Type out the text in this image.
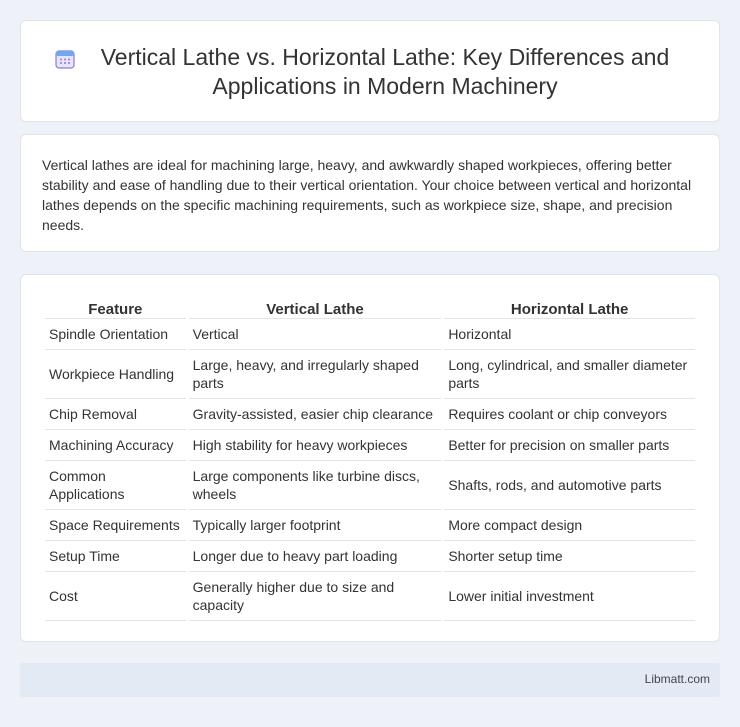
Vertical Lathe vs. Horizontal Lathe: Key Differences and Applications in Modern Machinery

Vertical lathes are ideal for machining large, heavy, and awkwardly shaped workpieces, offering better stability and ease of handling due to their vertical orientation. Your choice between vertical and horizontal lathes depends on the specific machining requirements, such as workpiece size, shape, and precision needs.

Feature	Vertical Lathe	Horizontal Lathe
Spindle Orientation	Vertical	Horizontal
Workpiece Handling	Large, heavy, and irregularly shaped parts	Long, cylindrical, and smaller diameter parts
Chip Removal	Gravity-assisted, easier chip clearance	Requires coolant or chip conveyors
Machining Accuracy	High stability for heavy workpieces	Better for precision on smaller parts
Common Applications	Large components like turbine discs, wheels	Shafts, rods, and automotive parts
Space Requirements	Typically larger footprint	More compact design
Setup Time	Longer due to heavy part loading	Shorter setup time
Cost	Generally higher due to size and capacity	Lower initial investment
Libmatt.com
